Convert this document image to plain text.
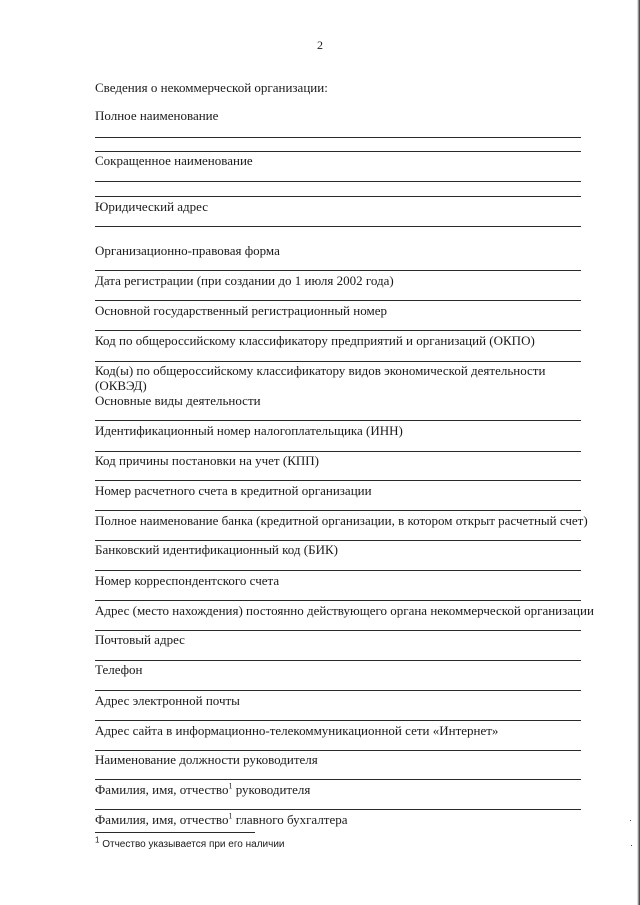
2
Сведения о некоммерческой организации:
Полное наименование
Сокращенное наименование
Юридический адрес
Организационно-правовая форма
Дата регистрации (при создании до 1 июля 2002 года)
Основной государственный регистрационный номер
Код по общероссийскому классификатору предприятий и организаций (ОКПО)
Код(ы) по общероссийскому классификатору видов экономической деятельности
(ОКВЭД)
Основные виды деятельности
Идентификационный номер налогоплательщика (ИНН)
Код причины постановки на учет (КПП)
Номер расчетного счета в кредитной организации
Полное наименование банка (кредитной организации, в котором открыт расчетный счет)
Банковский идентификационный код (БИК)
Номер корреспондентского счета
Адрес (место нахождения) постоянно действующего органа некоммерческой организации
Почтовый адрес
Телефон
Адрес электронной почты
Адрес сайта в информационно-телекоммуникационной сети «Интернет»
Наименование должности руководителя
Фамилия, имя, отчество$^1$ руководителя
Фамилия, имя, отчество$^1$ главного бухгалтера
$^1$ Отчество указывается при его наличии
